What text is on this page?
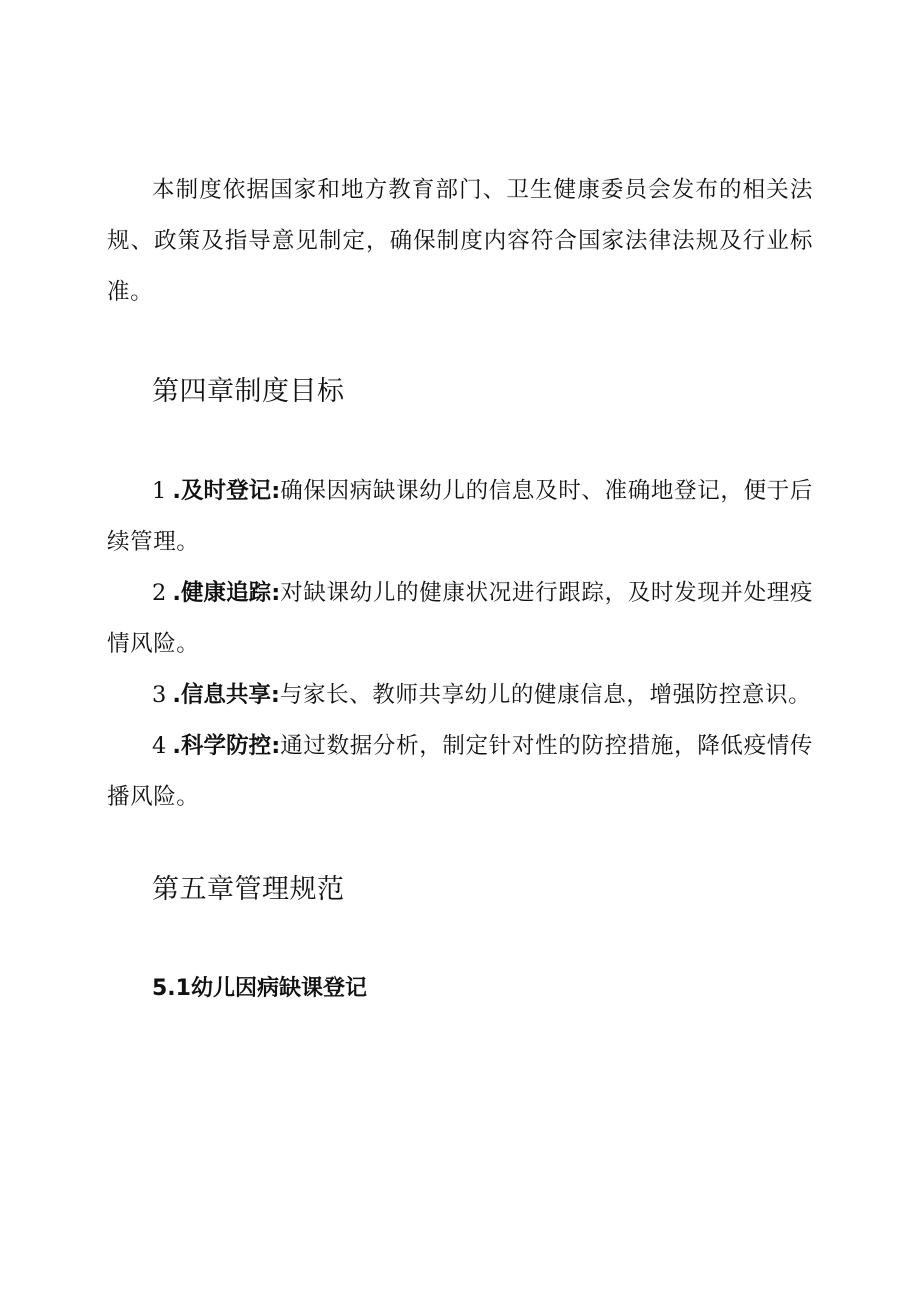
本制度依据国家和地方教育部门、卫生健康委员会发布的相关法规、政策及指导意见制定，确保制度内容符合国家法律法规及行业标准。

第四章制度目标

1.及时登记:确保因病缺课幼儿的信息及时、准确地登记，便于后续管理。

2.健康追踪:对缺课幼儿的健康状况进行跟踪，及时发现并处理疫情风险。

3.信息共享:与家长、教师共享幼儿的健康信息，增强防控意识。

4.科学防控:通过数据分析，制定针对性的防控措施，降低疫情传播风险。

第五章管理规范
5.1幼儿因病缺课登记
